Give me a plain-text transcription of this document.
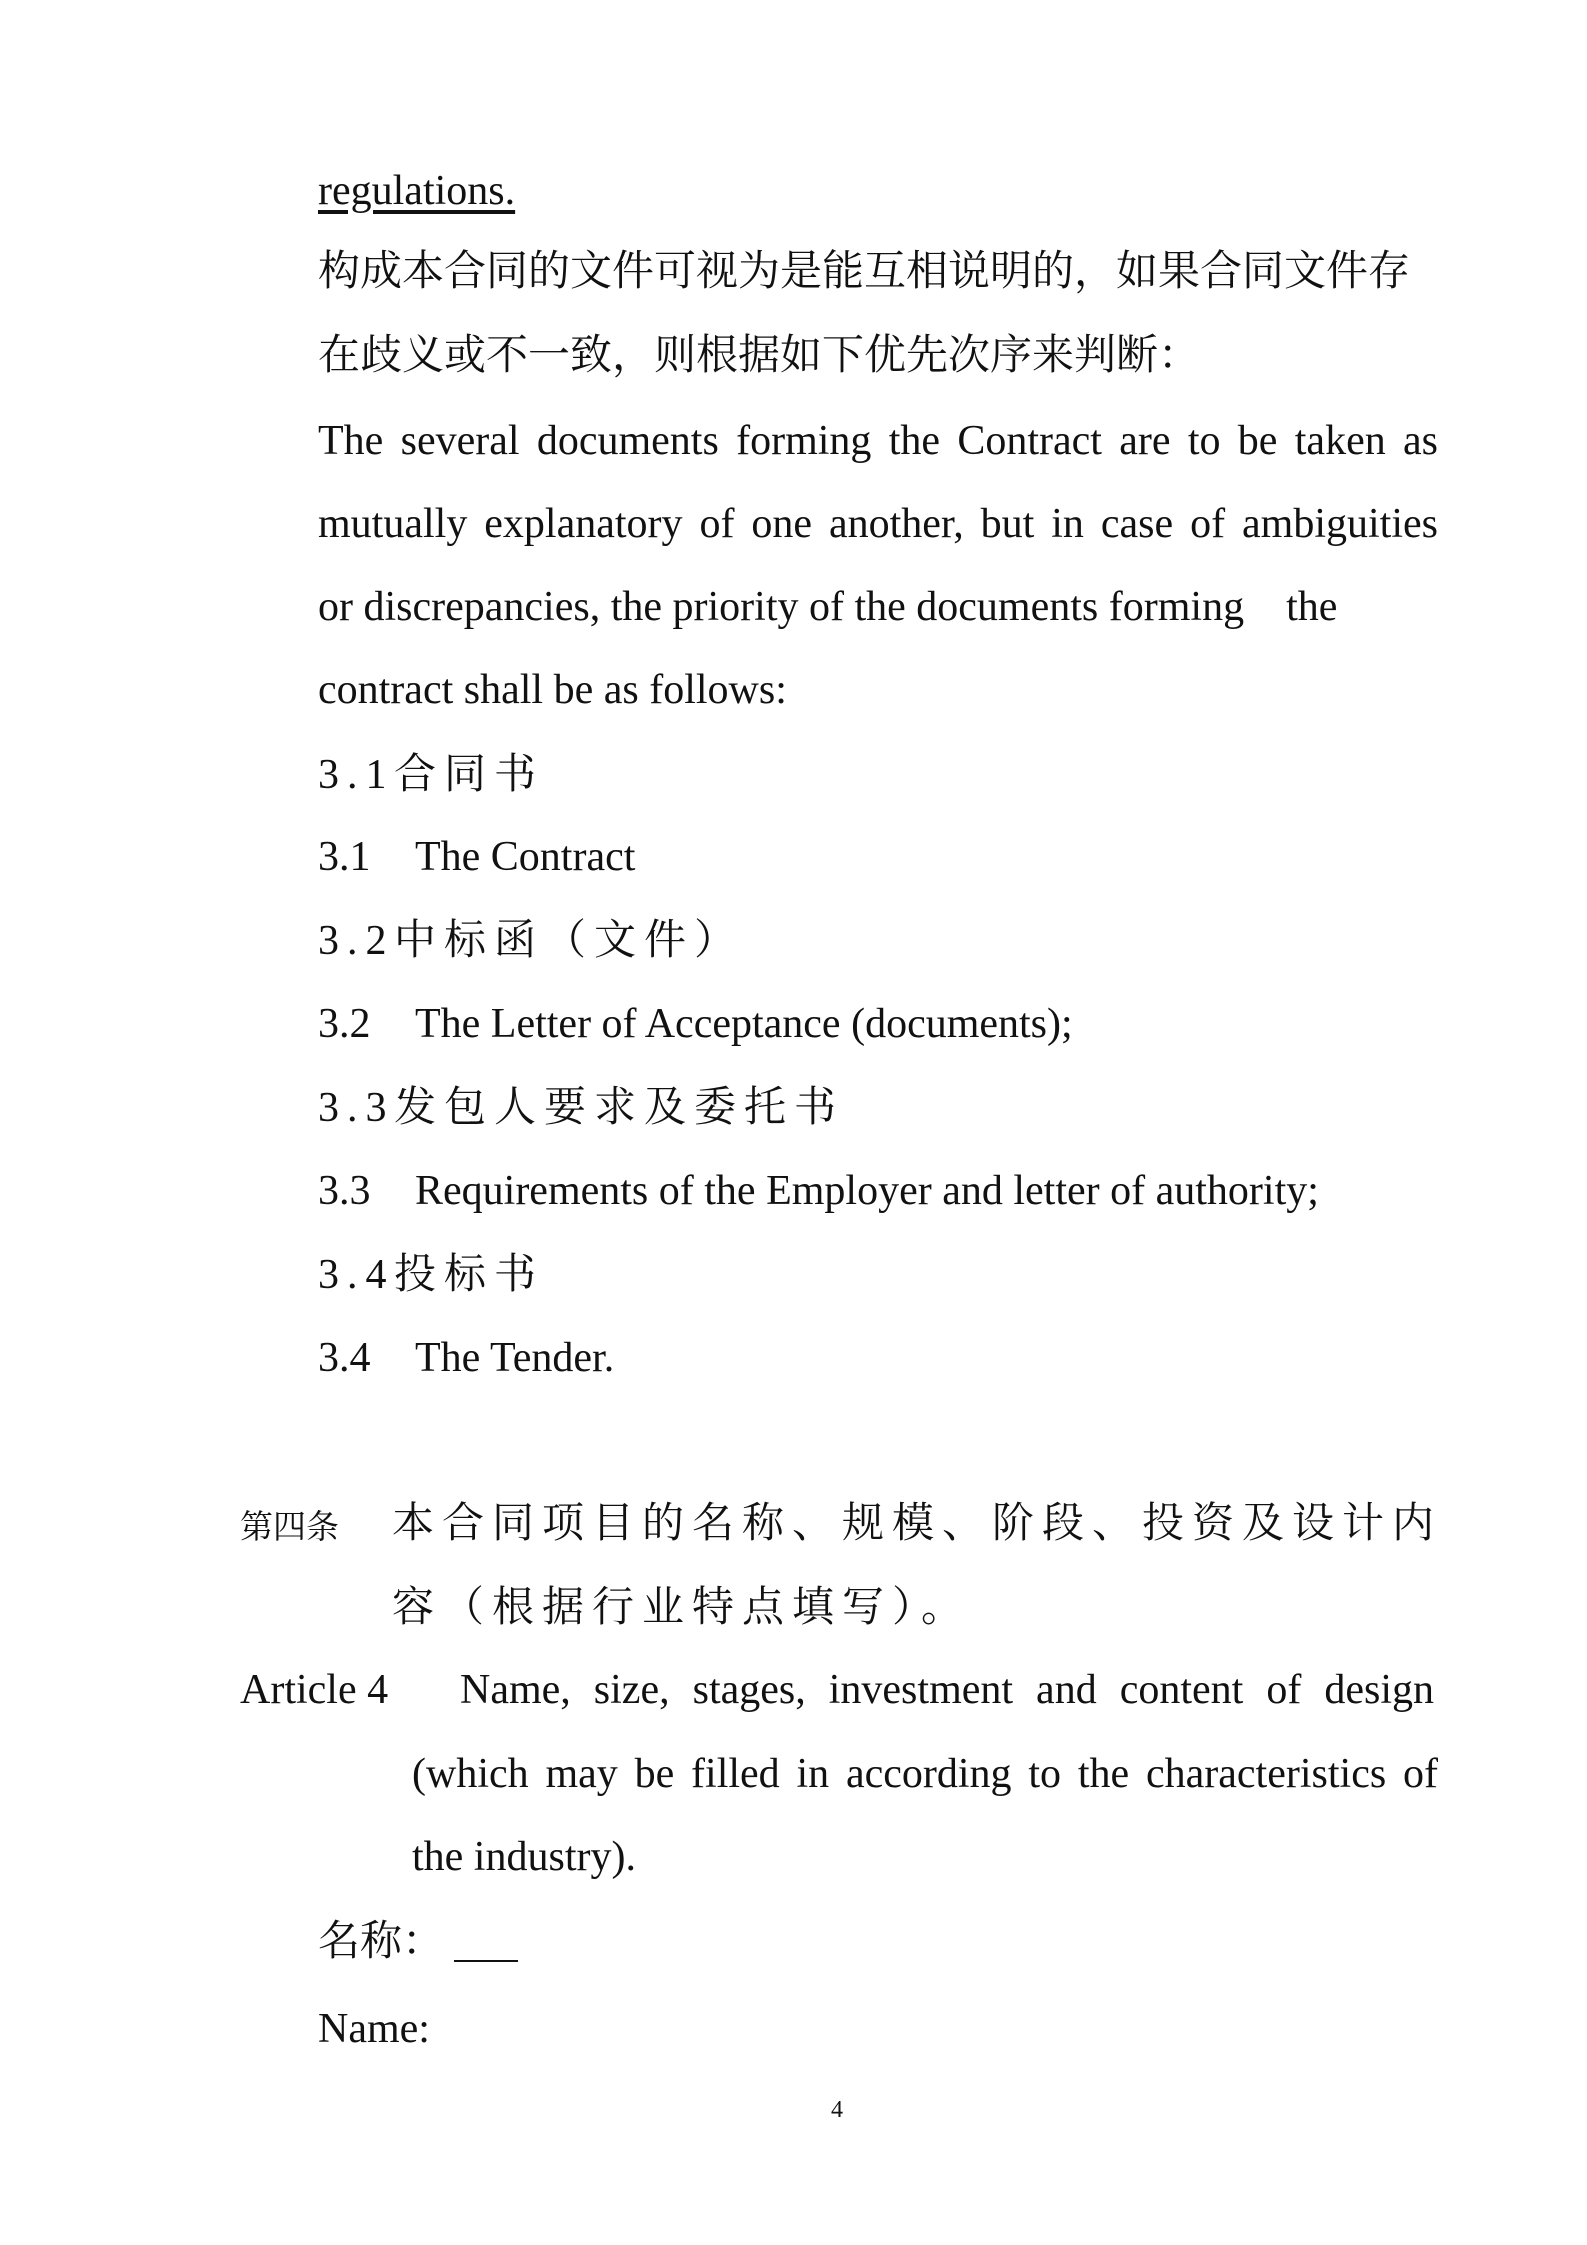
regulations.
构成本合同的文件可视为是能互相说明的，如果合同文件存
在歧义或不一致，则根据如下优先次序来判断：
The several documents forming the Contract are to be taken as
mutually explanatory of one another, but in case of ambiguities
or discrepancies, the priority of the documents forming    the
contract shall be as follows:
3.1合同书
3.1 The Contract
3.2中标函（文件）
3.2 The Letter of Acceptance (documents);
3.3发包人要求及委托书
3.3 Requirements of the Employer and letter of authority;
3.4投标书
3.4 The Tender.
第四条 本合同项目的名称、规模、阶段、投资及设计内
容（根据行业特点填写）。
Article 4 Name, size, stages, investment and content of design
(which may be filled in according to the characteristics of
the industry).
名称：
Name:
4
